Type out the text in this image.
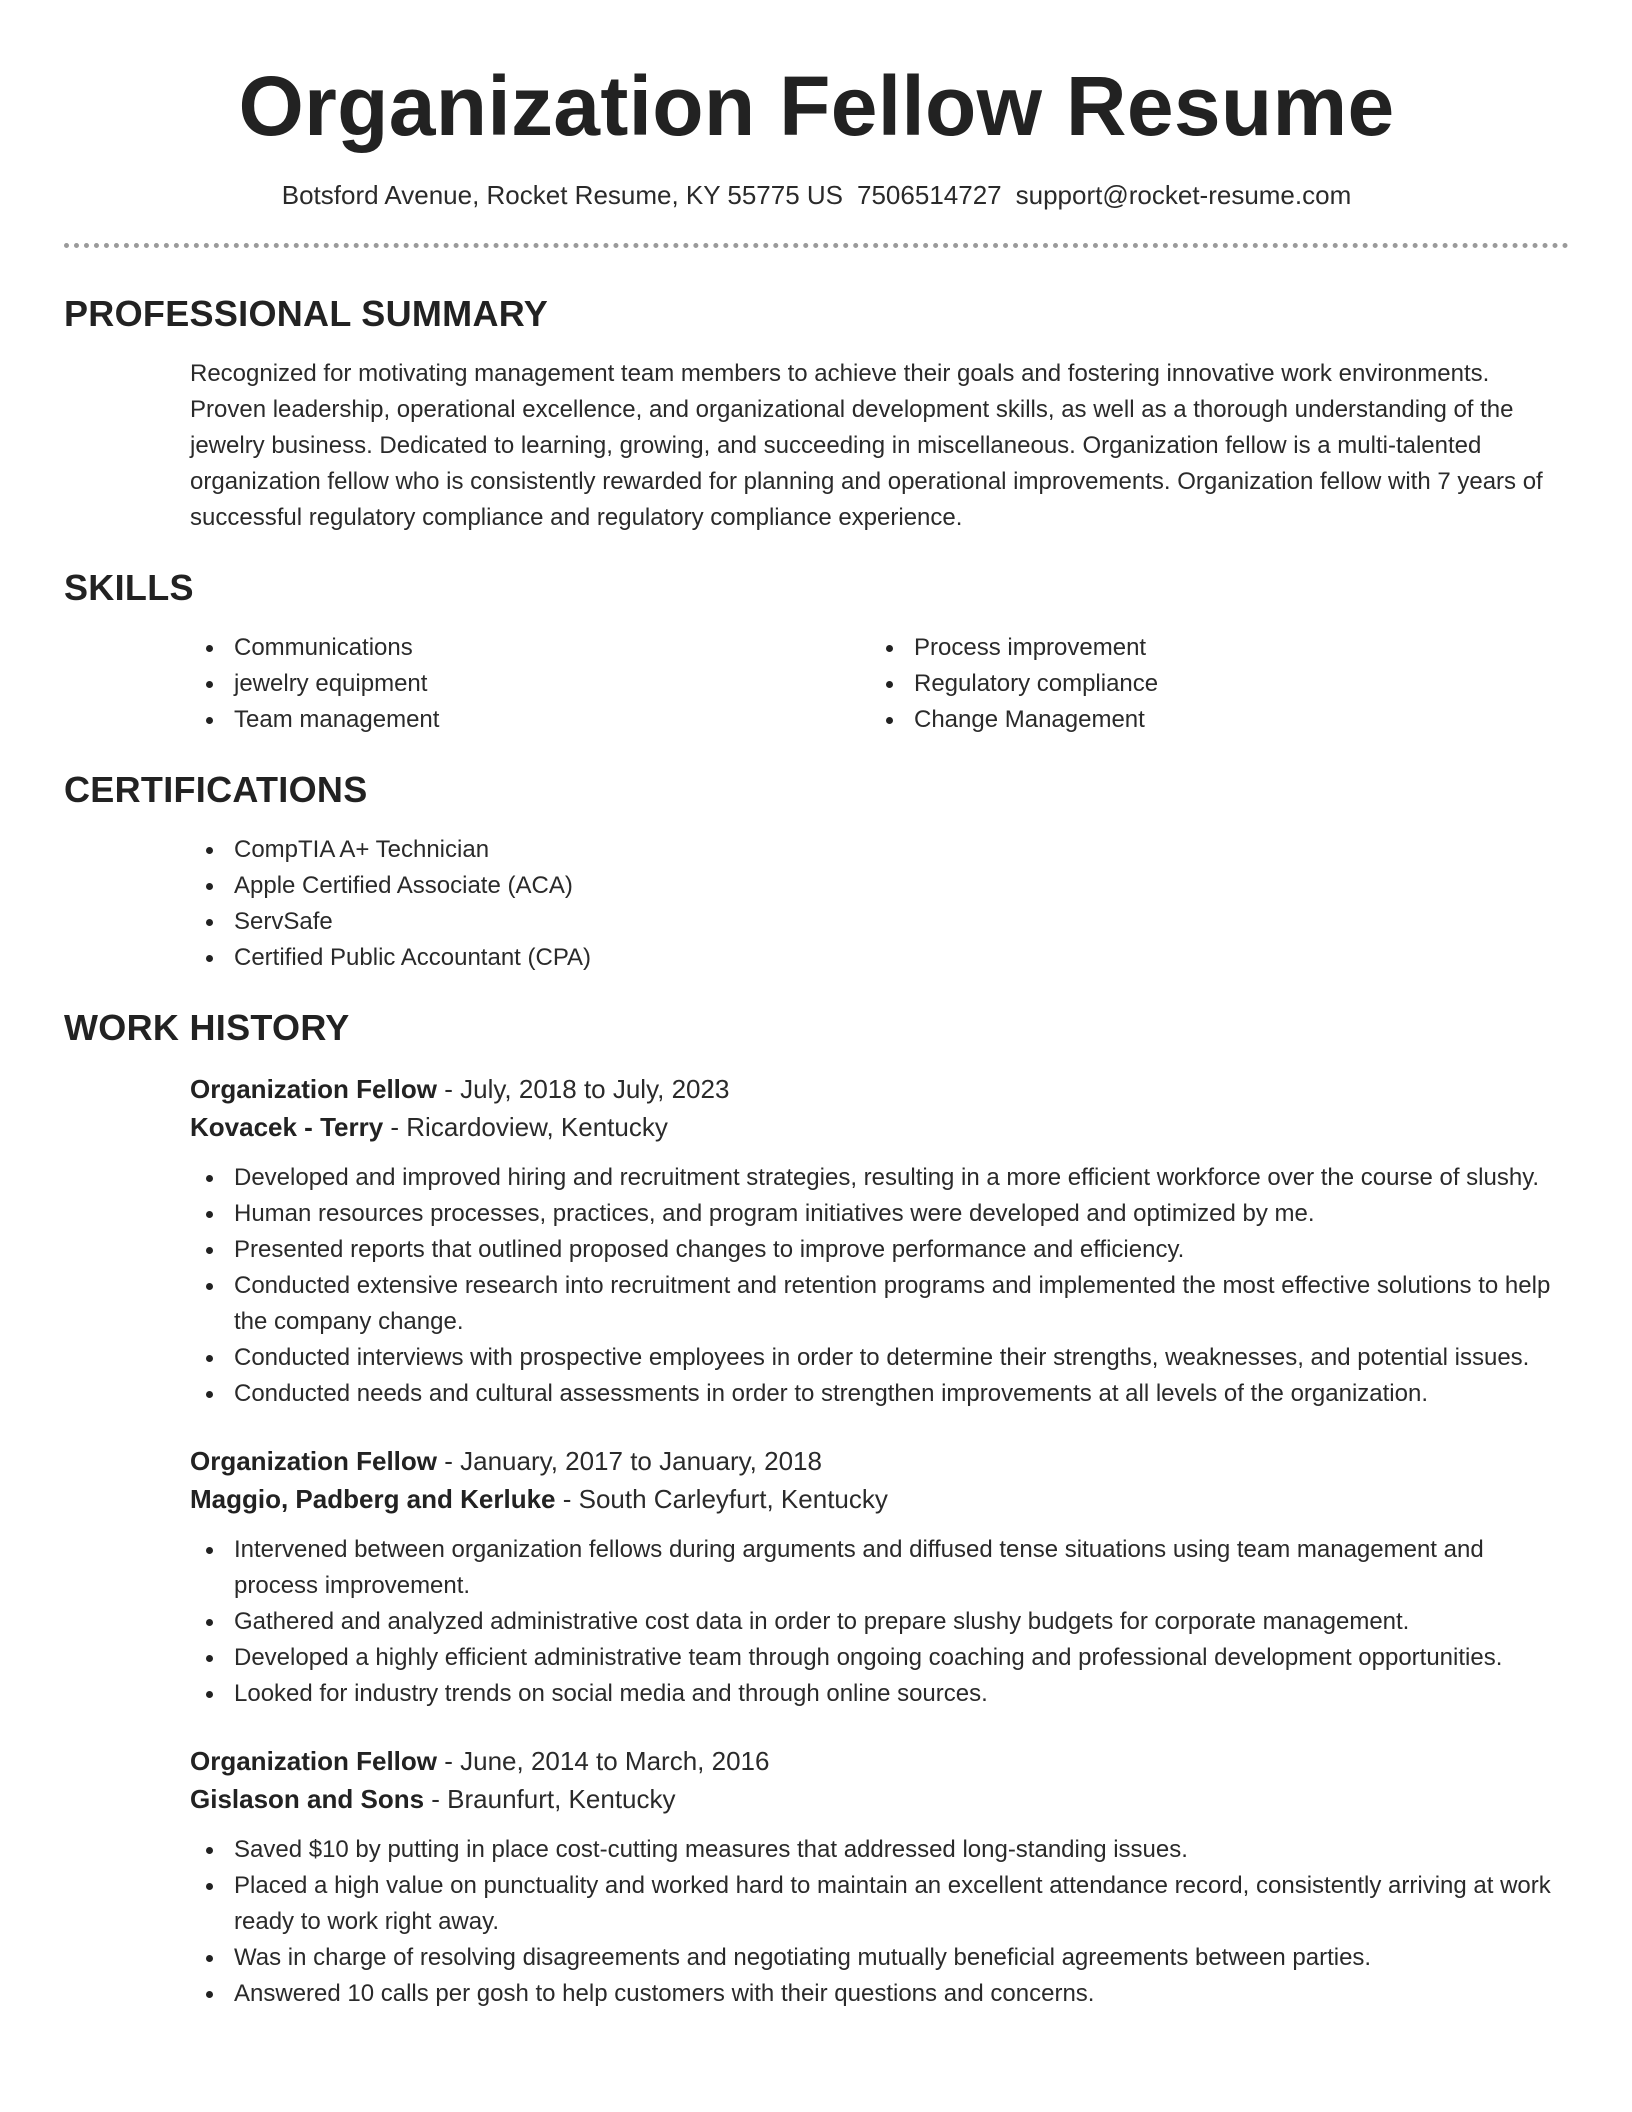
Organization Fellow Resume
Botsford Avenue, Rocket Resume, KY 55775 US 7506514727 support@rocket-resume.com
PROFESSIONAL SUMMARY
Recognized for motivating management team members to achieve their goals and fostering innovative work environments. Proven leadership, operational excellence, and organizational development skills, as well as a thorough understanding of the jewelry business. Dedicated to learning, growing, and succeeding in miscellaneous. Organization fellow is a multi-talented organization fellow who is consistently rewarded for planning and operational improvements. Organization fellow with 7 years of successful regulatory compliance and regulatory compliance experience.
SKILLS
Communications
jewelry equipment
Team management
Process improvement
Regulatory compliance
Change Management
CERTIFICATIONS
CompTIA A+ Technician
Apple Certified Associate (ACA)
ServSafe
Certified Public Accountant (CPA)
WORK HISTORY
Organization Fellow - July, 2018 to July, 2023
Kovacek - Terry - Ricardoview, Kentucky
Developed and improved hiring and recruitment strategies, resulting in a more efficient workforce over the course of slushy.
Human resources processes, practices, and program initiatives were developed and optimized by me.
Presented reports that outlined proposed changes to improve performance and efficiency.
Conducted extensive research into recruitment and retention programs and implemented the most effective solutions to help the company change.
Conducted interviews with prospective employees in order to determine their strengths, weaknesses, and potential issues.
Conducted needs and cultural assessments in order to strengthen improvements at all levels of the organization.
Organization Fellow - January, 2017 to January, 2018
Maggio, Padberg and Kerluke - South Carleyfurt, Kentucky
Intervened between organization fellows during arguments and diffused tense situations using team management and process improvement.
Gathered and analyzed administrative cost data in order to prepare slushy budgets for corporate management.
Developed a highly efficient administrative team through ongoing coaching and professional development opportunities.
Looked for industry trends on social media and through online sources.
Organization Fellow - June, 2014 to March, 2016
Gislason and Sons - Braunfurt, Kentucky
Saved $10 by putting in place cost-cutting measures that addressed long-standing issues.
Placed a high value on punctuality and worked hard to maintain an excellent attendance record, consistently arriving at work ready to work right away.
Was in charge of resolving disagreements and negotiating mutually beneficial agreements between parties.
Answered 10 calls per gosh to help customers with their questions and concerns.
